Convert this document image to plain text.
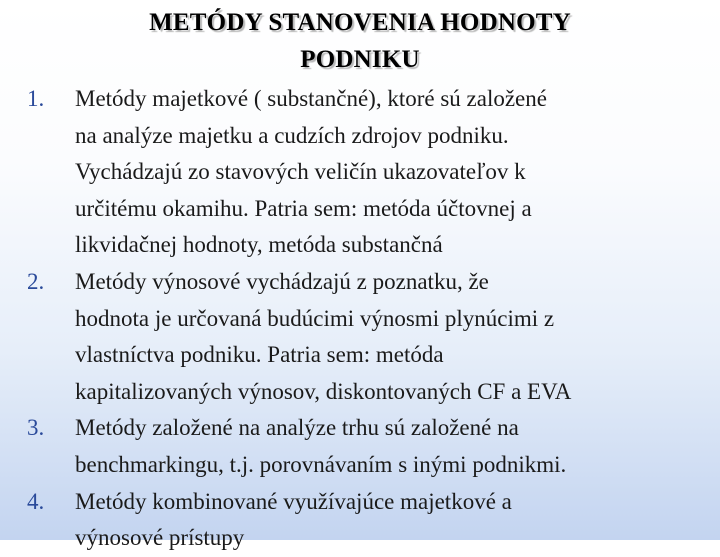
METÓDY STANOVENIA HODNOTY
PODNIKU
1. Metódy majetkové ( substančné), ktoré sú založené
na analýze majetku a cudzích zdrojov podniku.
Vychádzajú zo stavových veličín ukazovateľov k
určitému okamihu. Patria sem: metóda účtovnej a
likvidačnej hodnoty, metóda substančná
2. Metódy výnosové vychádzajú z poznatku, že
hodnota je určovaná budúcimi výnosmi plynúcimi z
vlastníctva podniku. Patria sem: metóda
kapitalizovaných výnosov, diskontovaných CF a EVA
3. Metódy založené na analýze trhu sú založené na
benchmarkingu, t.j. porovnávaním s inými podnikmi.
4. Metódy kombinované využívajúce majetkové a
výnosové prístupy
